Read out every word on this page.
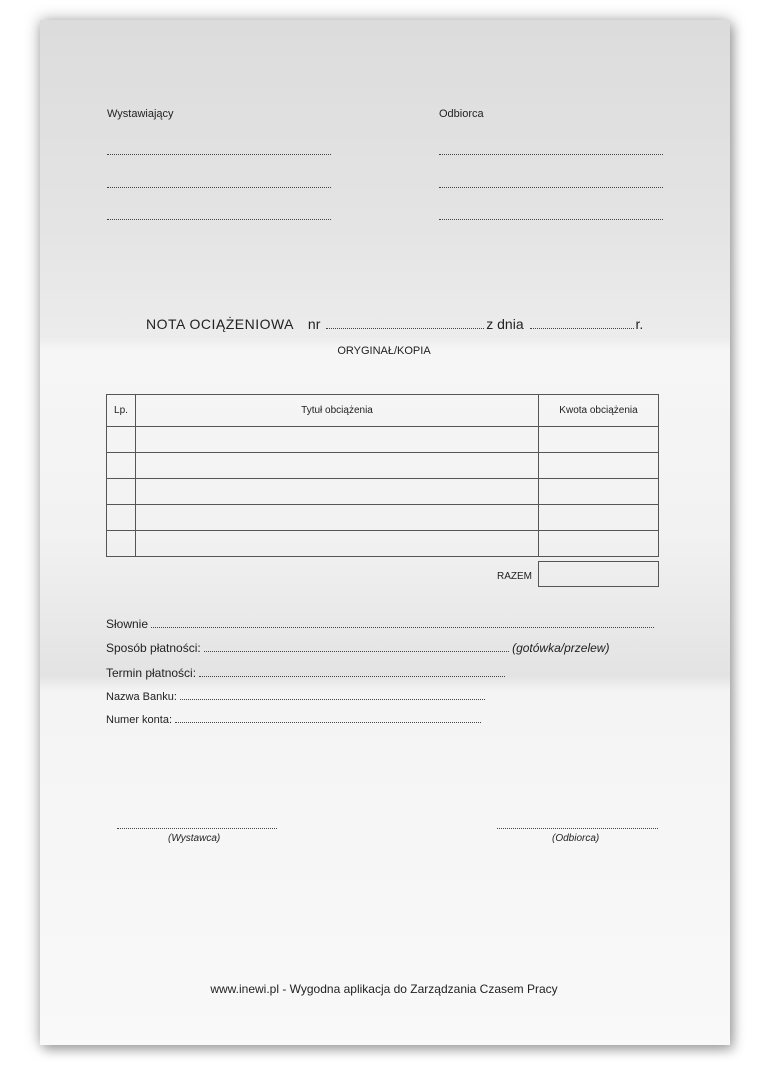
Wystawiający	Odbiorca
NOTA OCIĄŻENIOWA nr	z dnia	r.
ORYGINAŁ/KOPIA
Lp.	Tytuł obciążenia	Kwota obciążenia

RAZEM
Słownie
Sposób płatności:	(gotówka/przelew)
Termin płatności:
Nazwa Banku:
Numer konta:
(Wystawca)	(Odbiorca)
www.inewi.pl - Wygodna aplikacja do Zarządzania Czasem Pracy
